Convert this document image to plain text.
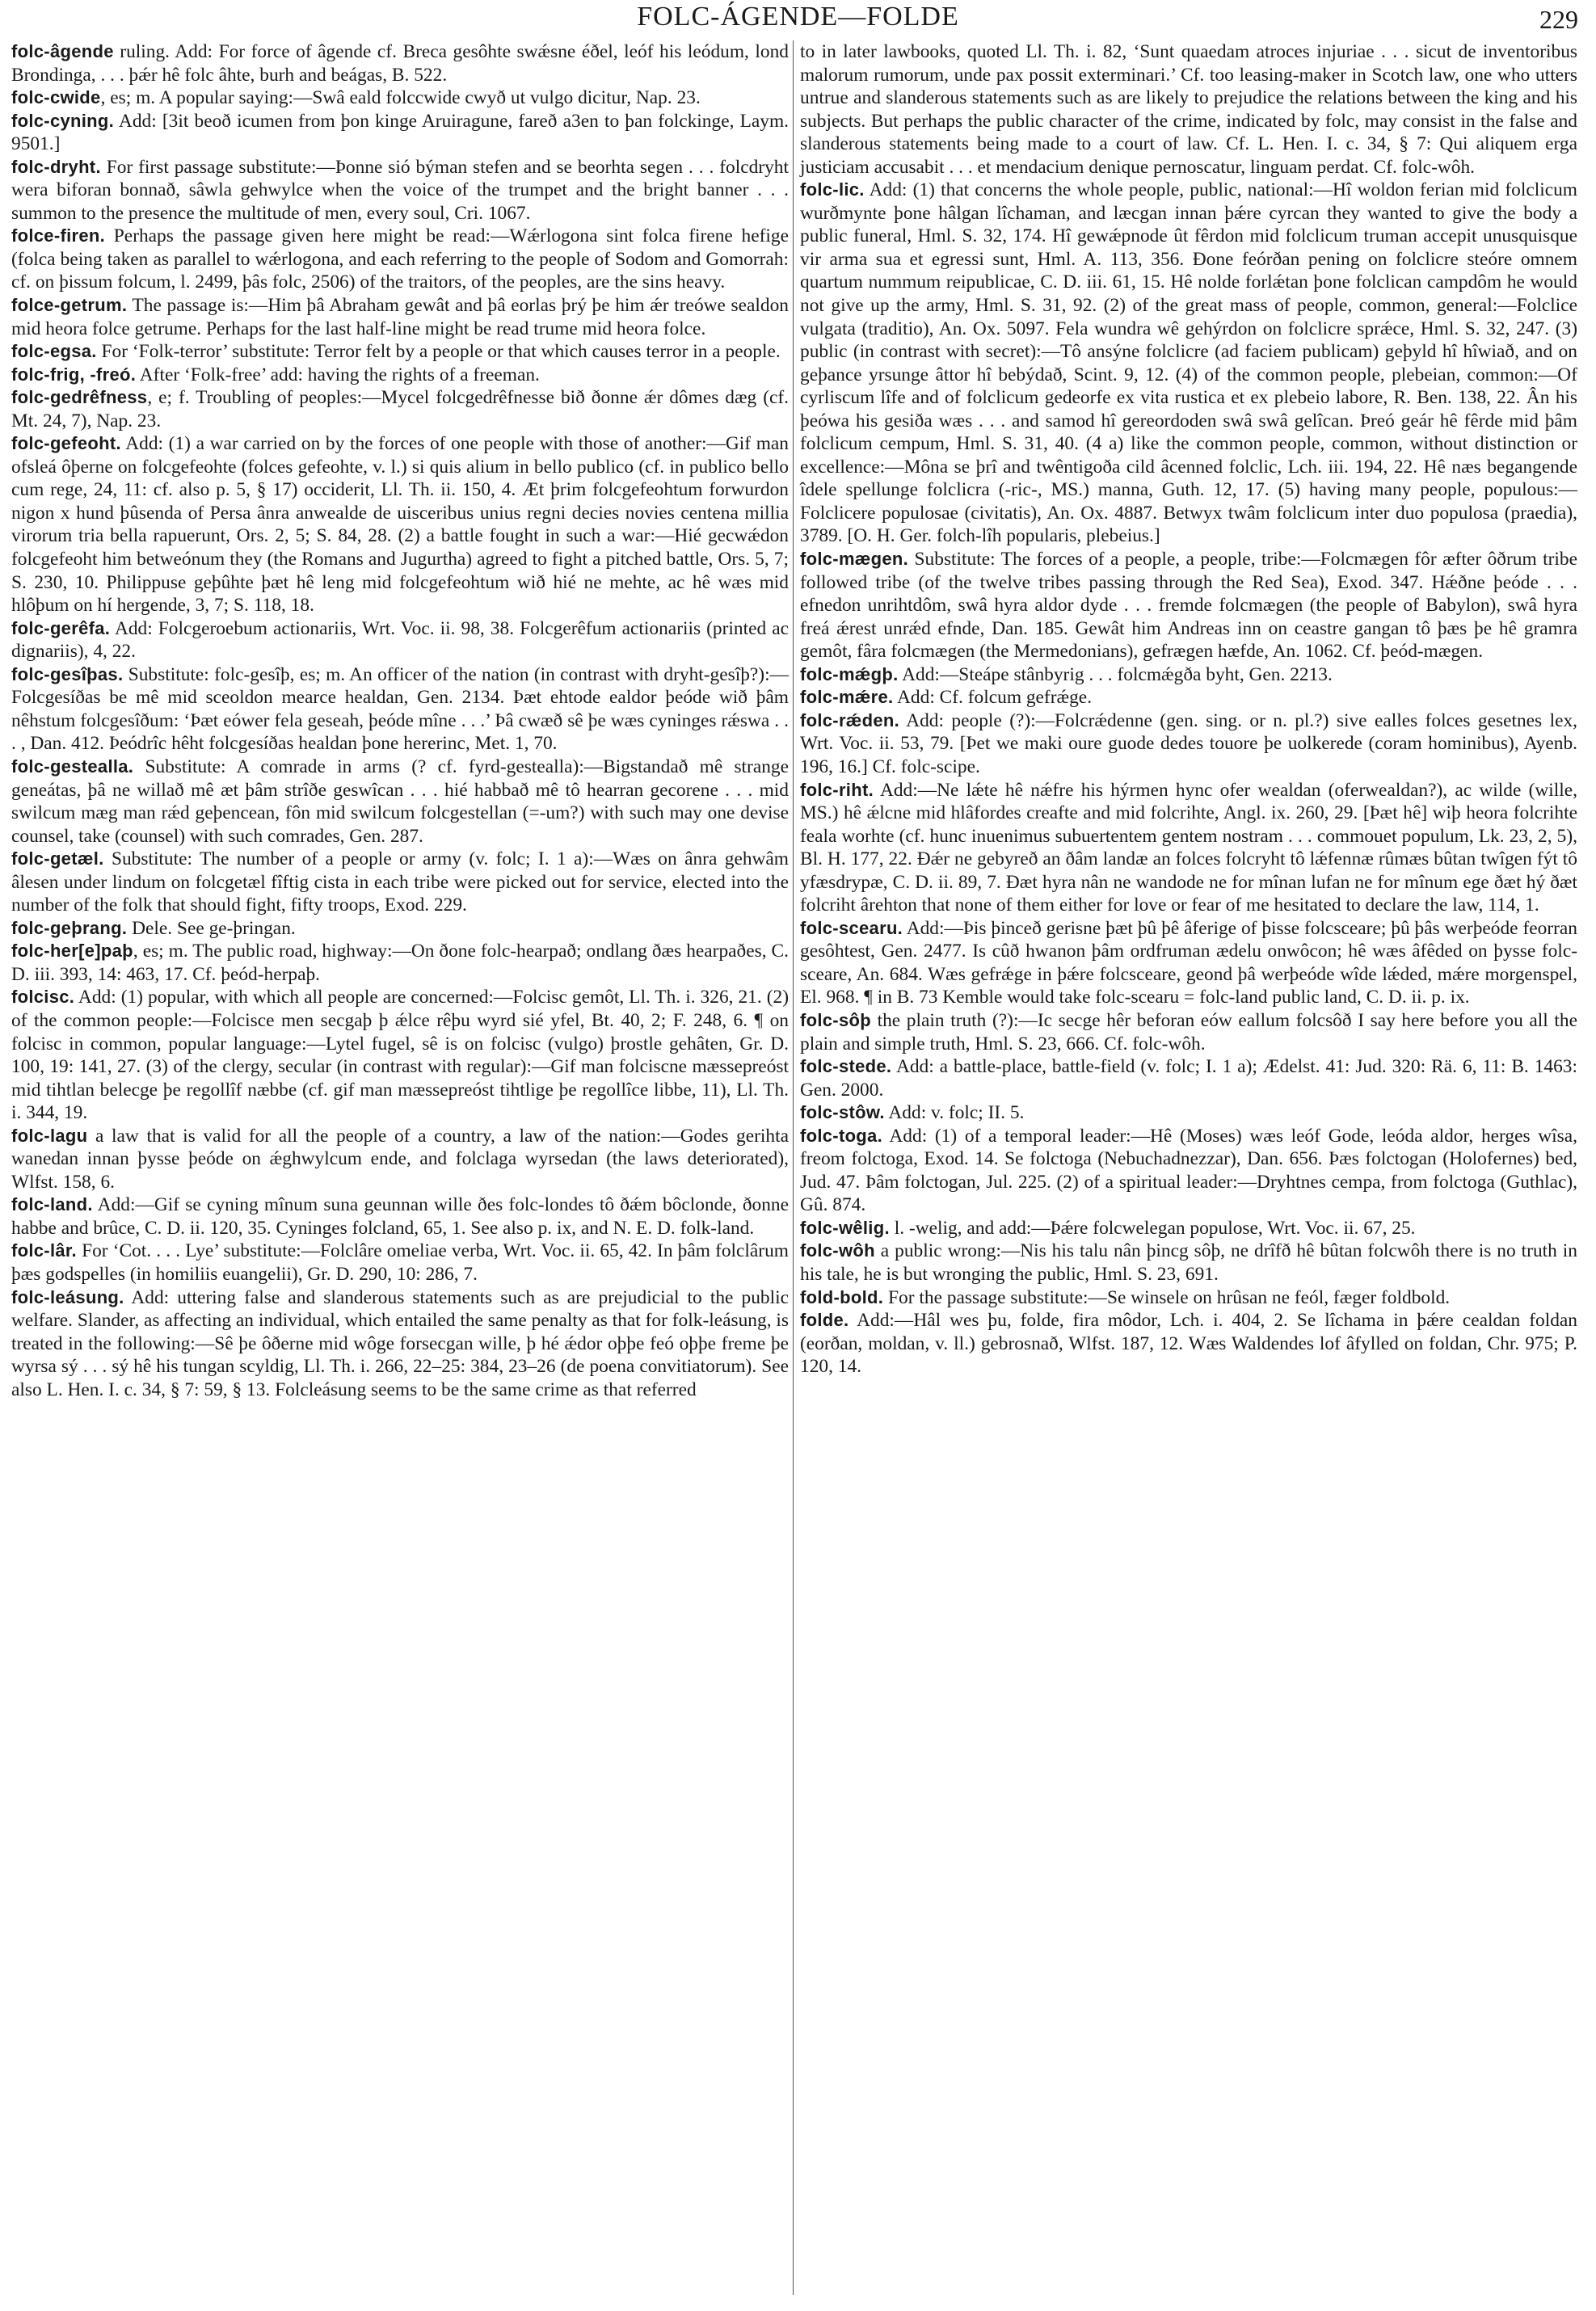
FOLC-ÁGENDE—FOLDE	229

folc-âgende ruling. Add: For force of âgende cf. Breca gesôhte swǽsne éðel, leóf his leódum, lond Brondinga, . . . þǽr hê folc âhte, burh and beágas, B. 522.

folc-cwide, es; m. A popular saying:—Swâ eald folccwide cwyð ut vulgo dicitur, Nap. 23.

folc-cyning. Add: [3it beoð icumen from þon kinge Aruiragune, fareð a3en to þan folckinge, Laym. 9501.]

folc-dryht. For first passage substitute:—Þonne sió býman stefen and se beorhta segen . . . folcdryht wera biforan bonnað, sâwla gehwylce when the voice of the trumpet and the bright banner . . . summon to the presence the multitude of men, every soul, Cri. 1067.

folce-firen. Perhaps the passage given here might be read:—Wǽrlogona sint folca firene hefige (folca being taken as parallel to wǽrlogona, and each referring to the people of Sodom and Gomorrah: cf. on þissum folcum, l. 2499, þâs folc, 2506) of the traitors, of the peoples, are the sins heavy.

folce-getrum. The passage is:—Him þâ Abraham gewât and þâ eorlas þrý þe him ǽr treówe sealdon mid heora folce getrume. Perhaps for the last half-line might be read trume mid heora folce.

folc-egsa. For ‘Folk-terror’ substitute: Terror felt by a people or that which causes terror in a people.

folc-frig, -freó. After ‘Folk-free’ add: having the rights of a freeman.

folc-gedrêfness, e; f. Troubling of peoples:—Mycel folcgedrêfnesse bið ðonne ǽr dômes dæg (cf. Mt. 24, 7), Nap. 23.

folc-gefeoht. Add: (1) a war carried on by the forces of one people with those of another:—Gif man ofsleá ôþerne on folcgefeohte (folces gefeohte, v. l.) si quis alium in bello publico (cf. in publico bello cum rege, 24, 11: cf. also p. 5, § 17) occiderit, Ll. Th. ii. 150, 4. Æt þrim folcgefeohtum forwurdon nigon x hund þûsenda of Persa ânra anwealde de uisceribus unius regni decies novies centena millia virorum tria bella rapuerunt, Ors. 2, 5; S. 84, 28. (2) a battle fought in such a war:—Hié gecwǽdon folcgefeoht him betweónum they (the Romans and Jugurtha) agreed to fight a pitched battle, Ors. 5, 7; S. 230, 10. Philippuse geþûhte þæt hê leng mid folcgefeohtum wið hié ne mehte, ac hê wæs mid hlôþum on hí hergende, 3, 7; S. 118, 18.

folc-gerêfa. Add: Folcgeroebum actionariis, Wrt. Voc. ii. 98, 38. Folcgerêfum actionariis (printed ac dignariis), 4, 22.

folc-gesîþas. Substitute: folc-gesîþ, es; m. An officer of the nation (in contrast with dryht-gesîþ?):—Folcgesíðas be mê mid sceoldon mearce healdan, Gen. 2134. Þæt ehtode ealdor þeóde wið þâm nêhstum folcgesîðum: ‘Þæt eówer fela geseah, þeóde mîne . . .’ Þâ cwæð sê þe wæs cyninges rǽswa . . . , Dan. 412. Þeódrîc hêht folcgesíðas healdan þone hererinc, Met. 1, 70.

folc-gestealla. Substitute: A comrade in arms (? cf. fyrd-gestealla):—Bigstandað mê strange geneátas, þâ ne willað mê æt þâm strîðe geswîcan . . . hié habbað mê tô hearran gecorene . . . mid swilcum mæg man rǽd geþencean, fôn mid swilcum folcgestellan (=-um?) with such may one devise counsel, take (counsel) with such comrades, Gen. 287.

folc-getæl. Substitute: The number of a people or army (v. folc; I. 1 a):—Wæs on ânra gehwâm âlesen under lindum on folcgetæl fîftig cista in each tribe were picked out for service, elected into the number of the folk that should fight, fifty troops, Exod. 229.

folc-geþrang. Dele. See ge-þringan.

folc-her[e]paþ, es; m. The public road, highway:—On ðone folc-hearpað; ondlang ðæs hearpaðes, C. D. iii. 393, 14: 463, 17. Cf. þeód-herpaþ.

folcisc. Add: (1) popular, with which all people are concerned:—Folcisc gemôt, Ll. Th. i. 326, 21. (2) of the common people:—Folcisce men secgaþ þ ǽlce rêþu wyrd sié yfel, Bt. 40, 2; F. 248, 6. ¶ on folcisc in common, popular language:—Lytel fugel, sê is on folcisc (vulgo) þrostle gehâten, Gr. D. 100, 19: 141, 27. (3) of the clergy, secular (in contrast with regular):—Gif man folciscne mæssepreóst mid tihtlan belecge þe regollîf næbbe (cf. gif man mæssepreóst tihtlige þe regollîce libbe, 11), Ll. Th. i. 344, 19.

folc-lagu a law that is valid for all the people of a country, a law of the nation:—Godes gerihta wanedan innan þysse þeóde on ǽghwylcum ende, and folclaga wyrsedan (the laws deteriorated), Wlfst. 158, 6.

folc-land. Add:—Gif se cyning mînum suna geunnan wille ðes folc-londes tô ðǽm bôclonde, ðonne habbe and brûce, C. D. ii. 120, 35. Cyninges folcland, 65, 1. See also p. ix, and N. E. D. folk-land.

folc-lâr. For ‘Cot. . . . Lye’ substitute:—Folclâre omeliae verba, Wrt. Voc. ii. 65, 42. In þâm folclârum þæs godspelles (in homiliis euangelii), Gr. D. 290, 10: 286, 7.

folc-leásung. Add: uttering false and slanderous statements such as are prejudicial to the public welfare. Slander, as affecting an individual, which entailed the same penalty as that for folk-leásung, is treated in the following:—Sê þe ôðerne mid wôge forsecgan wille, þ hé ǽdor oþþe feó oþþe freme þe wyrsa sý . . . sý hê his tungan scyldig, Ll. Th. i. 266, 22–25: 384, 23–26 (de poena convitiatorum). See also L. Hen. I. c. 34, § 7: 59, § 13. Folcleásung seems to be the same crime as that referred

to in later lawbooks, quoted Ll. Th. i. 82, ‘Sunt quaedam atroces injuriae . . . sicut de inventoribus malorum rumorum, unde pax possit exterminari.’ Cf. too leasing-maker in Scotch law, one who utters untrue and slanderous statements such as are likely to prejudice the relations between the king and his subjects. But perhaps the public character of the crime, indicated by folc, may consist in the false and slanderous statements being made to a court of law. Cf. L. Hen. I. c. 34, § 7: Qui aliquem erga justiciam accusabit . . . et mendacium denique pernoscatur, linguam perdat. Cf. folc-wôh.

folc-lic. Add: (1) that concerns the whole people, public, national:—Hî woldon ferian mid folclicum wurðmynte þone hâlgan lîchaman, and læcgan innan þǽre cyrcan they wanted to give the body a public funeral, Hml. S. 32, 174. Hî gewǽpnode ût fêrdon mid folclicum truman accepit unusquisque vir arma sua et egressi sunt, Hml. A. 113, 356. Ðone feórðan pening on folclicre steóre omnem quartum nummum reipublicae, C. D. iii. 61, 15. Hê nolde forlǽtan þone folclican campdôm he would not give up the army, Hml. S. 31, 92. (2) of the great mass of people, common, general:—Folclice vulgata (traditio), An. Ox. 5097. Fela wundra wê gehýrdon on folclicre sprǽce, Hml. S. 32, 247. (3) public (in contrast with secret):—Tô ansýne folclicre (ad faciem publicam) geþyld hî hîwiað, and on geþance yrsunge âttor hî bebýdað, Scint. 9, 12. (4) of the common people, plebeian, common:—Of cyrliscum lîfe and of folclicum gedeorfe ex vita rustica et ex plebeio labore, R. Ben. 138, 22. Ân his þeówa his gesiða wæs . . . and samod hî gereordoden swâ swâ gelîcan. Þreó geár hê fêrde mid þâm folclicum cempum, Hml. S. 31, 40. (4 a) like the common people, common, without distinction or excellence:—Môna se þrî and twêntigoða cild âcenned folclic, Lch. iii. 194, 22. Hê næs begangende îdele spellunge folclicra (-ric-, MS.) manna, Guth. 12, 17. (5) having many people, populous:—Folclicere populosae (civitatis), An. Ox. 4887. Betwyx twâm folclicum inter duo populosa (praedia), 3789. [O. H. Ger. folch-lîh popularis, plebeius.]

folc-mægen. Substitute: The forces of a people, a people, tribe:—Folcmægen fôr æfter ôðrum tribe followed tribe (of the twelve tribes passing through the Red Sea), Exod. 347. Hǽðne þeóde . . . efnedon unrihtdôm, swâ hyra aldor dyde . . . fremde folcmægen (the people of Babylon), swâ hyra freá ǽrest unrǽd efnde, Dan. 185. Gewât him Andreas inn on ceastre gangan tô þæs þe hê gramra gemôt, fâra folcmægen (the Mermedonians), gefrægen hæfde, An. 1062. Cf. þeód-mægen.

folc-mǽgþ. Add:—Steápe stânbyrig . . . folcmǽgða byht, Gen. 2213.

folc-mǽre. Add: Cf. folcum gefrǽge.

folc-rǽden. Add: people (?):—Folcrǽdenne (gen. sing. or n. pl.?) sive ealles folces gesetnes lex, Wrt. Voc. ii. 53, 79. [Þet we maki oure guode dedes touore þe uolkerede (coram hominibus), Ayenb. 196, 16.] Cf. folc-scipe.

folc-riht. Add:—Ne lǽte hê nǽfre his hýrmen hync ofer wealdan (oferwealdan?), ac wilde (wille, MS.) hê ǽlcne mid hlâfordes creafte and mid folcrihte, Angl. ix. 260, 29. [Þæt hê] wiþ heora folcrihte feala worhte (cf. hunc inuenimus subuertentem gentem nostram . . . commouet populum, Lk. 23, 2, 5), Bl. H. 177, 22. Ðǽr ne gebyreð an ðâm landæ an folces folcryht tô lǽfennæ rûmæs bûtan twîgen fýt tô yfæsdrypæ, C. D. ii. 89, 7. Ðæt hyra nân ne wandode ne for mînan lufan ne for mînum ege ðæt hý ðæt folcriht ârehton that none of them either for love or fear of me hesitated to declare the law, 114, 1.

folc-scearu. Add:—Þis þinceð gerisne þæt þû þê âferige of þisse folcsceare; þû þâs werþeóde feorran gesôhtest, Gen. 2477. Is cûð hwanon þâm ordfruman ædelu onwôcon; hê wæs âfêded on þysse folc-sceare, An. 684. Wæs gefrǽge in þǽre folcsceare, geond þâ werþeóde wîde lǽded, mǽre morgenspel, El. 968. ¶ in B. 73 Kemble would take folc-scearu = folc-land public land, C. D. ii. p. ix.

folc-sôþ the plain truth (?):—Ic secge hêr beforan eów eallum folcsôð I say here before you all the plain and simple truth, Hml. S. 23, 666. Cf. folc-wôh.

folc-stede. Add: a battle-place, battle-field (v. folc; I. 1 a); Ædelst. 41: Jud. 320: Rä. 6, 11: B. 1463: Gen. 2000.

folc-stôw. Add: v. folc; II. 5.

folc-toga. Add: (1) of a temporal leader:—Hê (Moses) wæs leóf Gode, leóda aldor, herges wîsa, freom folctoga, Exod. 14. Se folctoga (Nebuchadnezzar), Dan. 656. Þæs folctogan (Holofernes) bed, Jud. 47. Þâm folctogan, Jul. 225. (2) of a spiritual leader:—Dryhtnes cempa, from folctoga (Guthlac), Gû. 874.

folc-wêlig. l. -welig, and add:—Þǽre folcwelegan populose, Wrt. Voc. ii. 67, 25.

folc-wôh a public wrong:—Nis his talu nân þincg sôþ, ne drîfð hê bûtan folcwôh there is no truth in his tale, he is but wronging the public, Hml. S. 23, 691.

fold-bold. For the passage substitute:—Se winsele on hrûsan ne feól, fæger foldbold.

folde. Add:—Hâl wes þu, folde, fira môdor, Lch. i. 404, 2. Se lîchama in þǽre cealdan foldan (eorðan, moldan, v. ll.) gebrosnað, Wlfst. 187, 12. Wæs Waldendes lof âfylled on foldan, Chr. 975; P. 120, 14.
